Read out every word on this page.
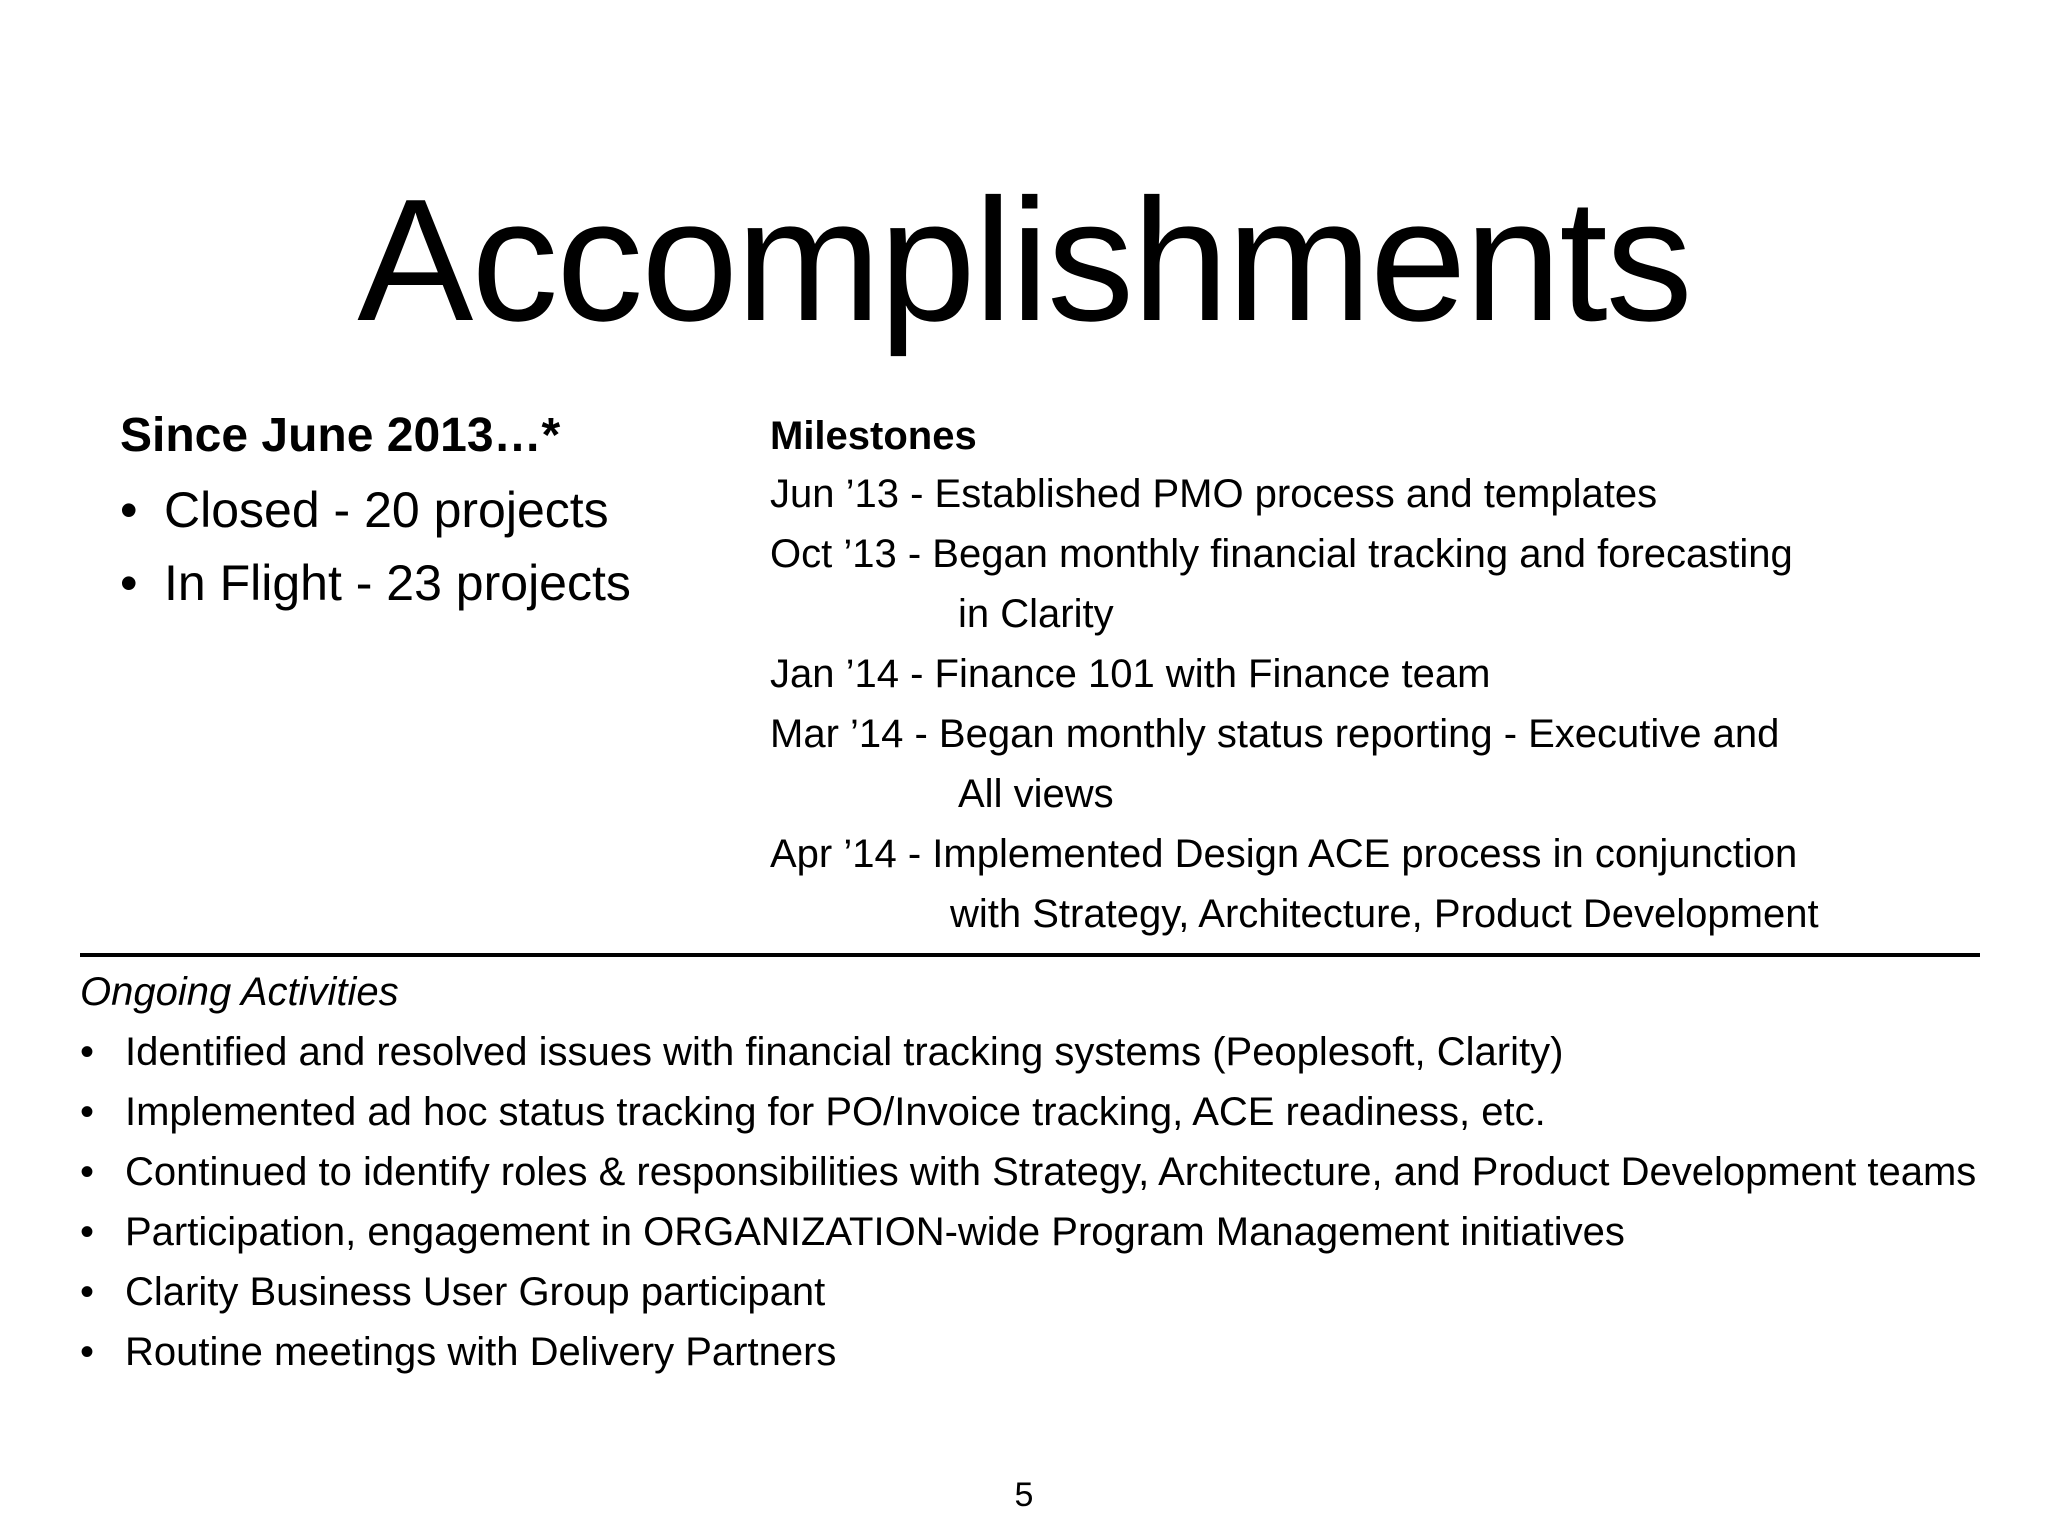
Accomplishments
Since June 2013…*
• Closed - 20 projects
• In Flight - 23 projects
Milestones
Jun ’13 - Established PMO process and templates
Oct ’13 - Began monthly financial tracking and forecasting
in Clarity
Jan ’14 - Finance 101 with Finance team
Mar ’14 - Began monthly status reporting - Executive and
All views
Apr ’14 - Implemented Design ACE process in conjunction
with Strategy, Architecture, Product Development
Ongoing Activities
• Identified and resolved issues with financial tracking systems (Peoplesoft, Clarity)
• Implemented ad hoc status tracking for PO/Invoice tracking, ACE readiness, etc.
• Continued to identify roles & responsibilities with Strategy, Architecture, and Product Development teams
• Participation, engagement in ORGANIZATION-wide Program Management initiatives
• Clarity Business User Group participant
• Routine meetings with Delivery Partners
5
